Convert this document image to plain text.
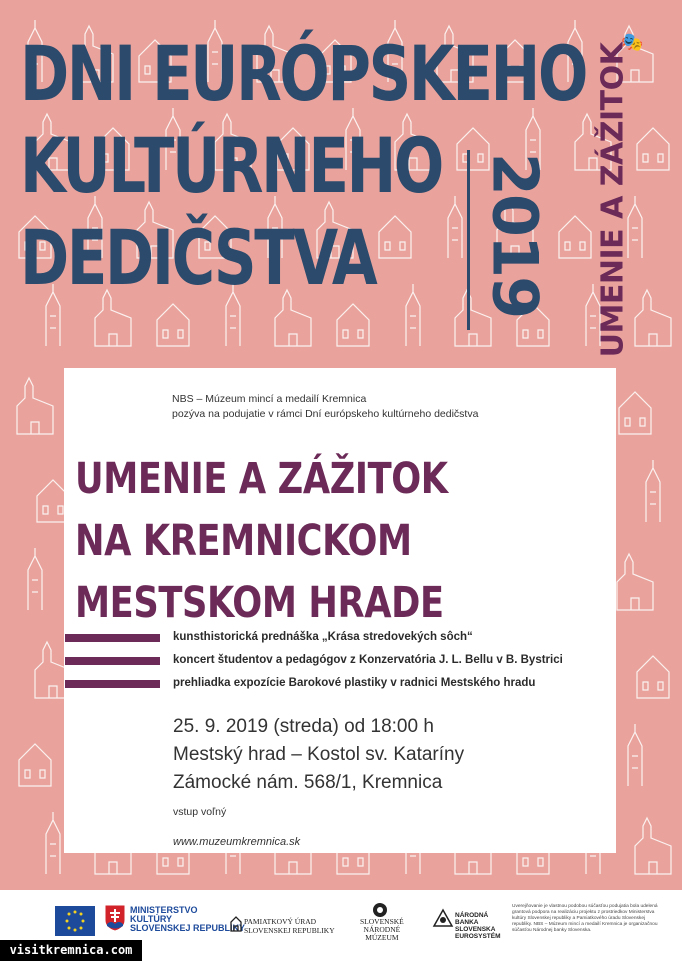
DNI EURÓPSKEHO
KULTÚRNEHO
DEDIČSTVA 2019 UMENIE A ZÁŽITOK
🎭
NBS – Múzeum mincí a medailí Kremnica
pozýva na podujatie v rámci Dní európskeho kultúrneho dedičstva
UMENIE A ZÁŽITOK
NA KREMNICKOM
MESTSKOM HRADE
kunsthistorická prednáška „Krása stredovekých sôch“
koncert študentov a pedagógov z Konzervatória J. L. Bellu v B. Bystrici
prehliadka expozície Barokové plastiky v radnici Mestského hradu
25. 9. 2019 (streda) od 18:00 h
Mestský hrad – Kostol sv. Kataríny
Zámocké nám. 568/1, Kremnica
vstup voľný
www.muzeumkremnica.sk
MINISTERSTVO
KULTÚRY
SLOVENSKEJ REPUBLIKY
PAMIATKOVÝ ÚRAD
SLOVENSKEJ REPUBLIKY
SLOVENSKÉ
NÁRODNÉ
MÚZEUM
NÁRODNÁ
BANKA
SLOVENSKA
EUROSYSTÉM
Uverejňovanie je vlastnou podobou súčasťou podujatia bola udelená grantová podpora na realizáciu projektu z prostriedkov Ministerstva kultúry Slovenskej republiky a Pamiatkového úradu Slovenskej republiky. NBS – Múzeum mincí a medailí Kremnica je organizačnou súčasťou Národnej banky Slovenska.
visitkremnica.com
